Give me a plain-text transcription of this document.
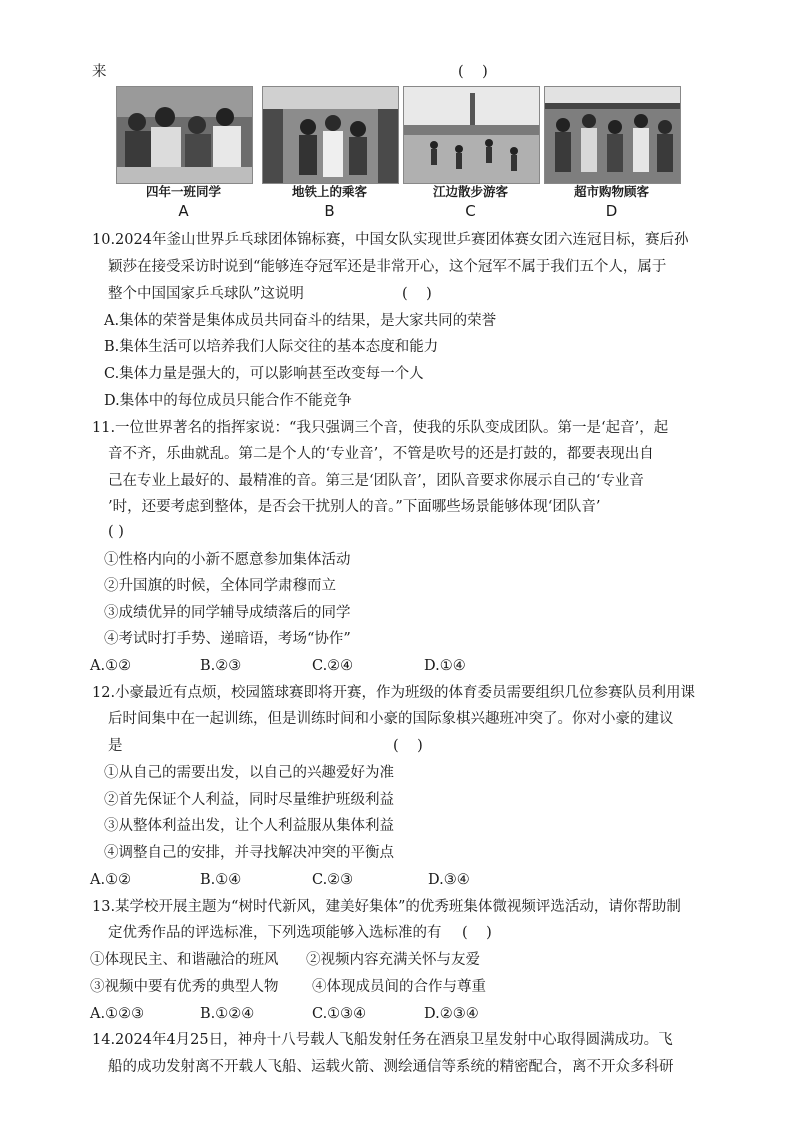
来	(    )
四年一班同学	地铁上的乘客	江边散步游客	超市购物顾客
A	B	C	D
10.2024年釜山世界乒乓球团体锦标赛，中国女队实现世乒赛团体赛女团六连冠目标，赛后孙
颖莎在接受采访时说到“能够连夺冠军还是非常开心，这个冠军不属于我们五个人，属于
整个中国国家乒乓球队”这说明	(    )
A.集体的荣誉是集体成员共同奋斗的结果，是大家共同的荣誉
B.集体生活可以培养我们人际交往的基本态度和能力
C.集体力量是强大的，可以影响甚至改变每一个人
D.集体中的每位成员只能合作不能竞争
11.一位世界著名的指挥家说：“我只强调三个音，使我的乐队变成团队。第一是‘起音’，起
音不齐，乐曲就乱。第二是个人的‘专业音’，不管是吹号的还是打鼓的，都要表现出自
己在专业上最好的、最精准的音。第三是‘团队音’，团队音要求你展示自己的‘专业音
’时，还要考虑到整体，是否会干扰别人的音。”下面哪些场景能够体现‘团队音’
( )
①性格内向的小新不愿意参加集体活动
②升国旗的时候，全体同学肃穆而立
③成绩优异的同学辅导成绩落后的同学
④考试时打手势、递暗语，考场“协作”
A.①②	B.②③	C.②④	D.①④
12.小豪最近有点烦，校园篮球赛即将开赛，作为班级的体育委员需要组织几位参赛队员利用课
后时间集中在一起训练，但是训练时间和小豪的国际象棋兴趣班冲突了。你对小豪的建议
是	(    )
①从自己的需要出发，以自己的兴趣爱好为准
②首先保证个人利益，同时尽量维护班级利益
③从整体利益出发，让个人利益服从集体利益
④调整自己的安排，并寻找解决冲突的平衡点
A.①②	B.①④	C.②③	D.③④
13.某学校开展主题为“树时代新风，建美好集体”的优秀班集体微视频评选活动，请你帮助制
定优秀作品的评选标准，下列选项能够入选标准的有 (    )
①体现民主、和谐融洽的班风 ②视频内容充满关怀与友爱
③视频中要有优秀的典型人物 ④体现成员间的合作与尊重
A.①②③	B.①②④	C.①③④	D.②③④
14.2024年4月25日，神舟十八号载人飞船发射任务在酒泉卫星发射中心取得圆满成功。飞
船的成功发射离不开载人飞船、运载火箭、测绘通信等系统的精密配合，离不开众多科研
